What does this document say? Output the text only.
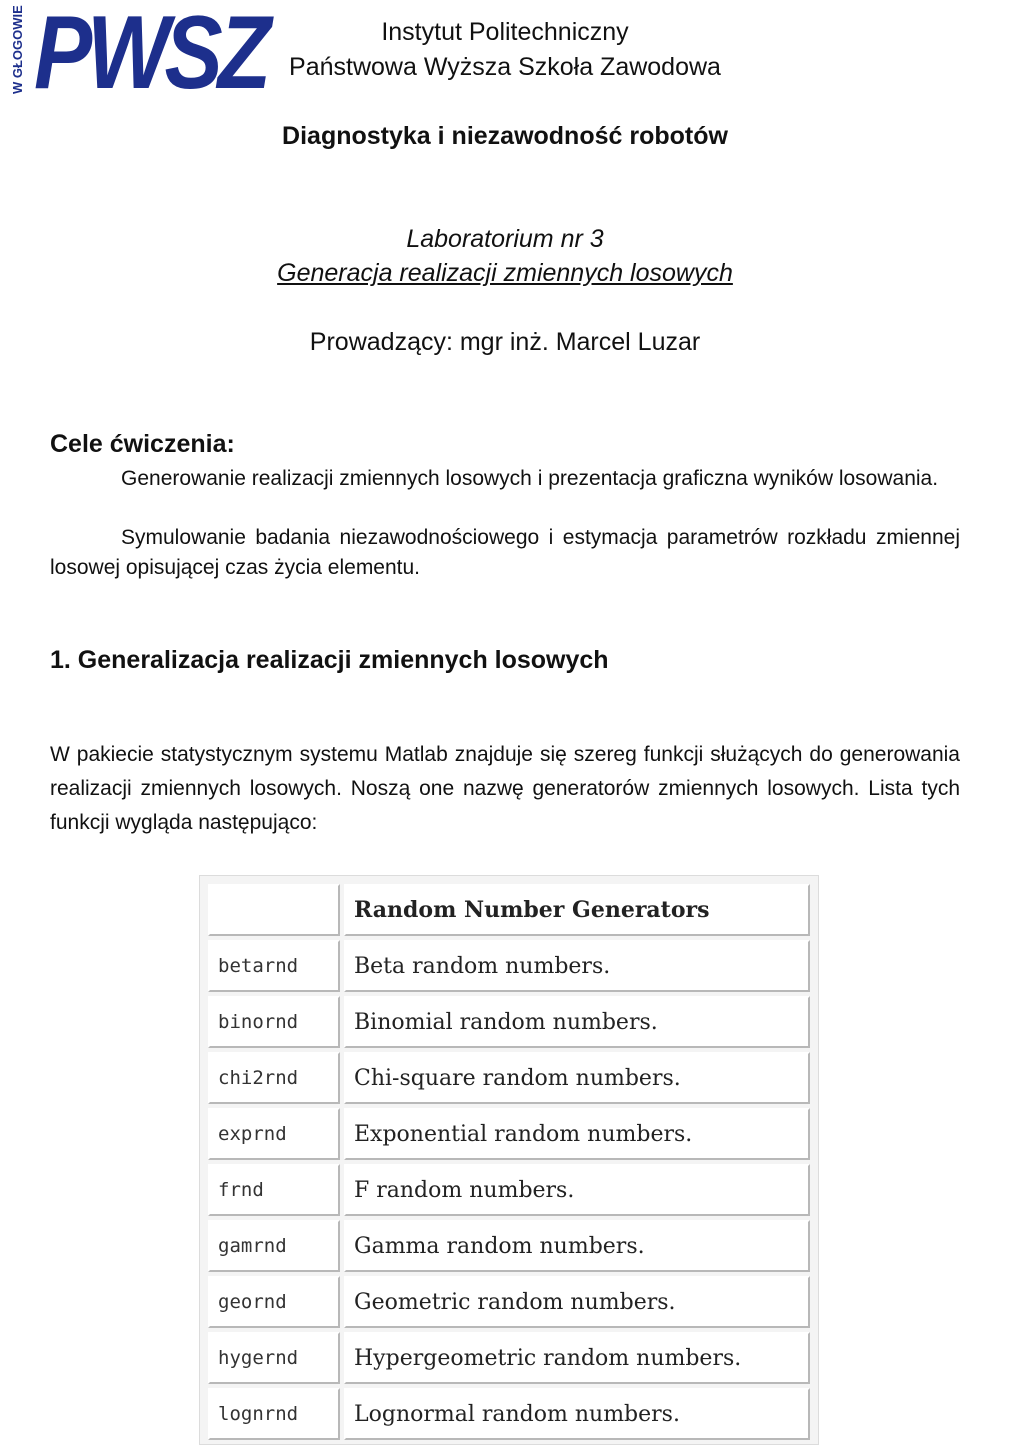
W GŁOGOWIE PWSZ	Instytut Politechniczny
Państwowa Wyższa Szkoła Zawodowa
Diagnostyka i niezawodność robotów
Laboratorium nr 3
Generacja realizacji zmiennych losowych
Prowadzący: mgr inż. Marcel Luzar
Cele ćwiczenia:
Generowanie realizacji zmiennych losowych i prezentacja graficzna wyników losowania.
Symulowanie badania niezawodnościowego i estymacja parametrów rozkładu zmiennej losowej opisującej czas życia elementu.
1. Generalizacja realizacji zmiennych losowych
W pakiecie statystycznym systemu Matlab znajduje się szereg funkcji służących do generowania realizacji zmiennych losowych. Noszą one nazwę generatorów zmiennych losowych. Lista tych funkcji wygląda następująco:
	Random Number Generators
betarnd	Beta random numbers.
binornd	Binomial random numbers.
chi2rnd	Chi-square random numbers.
exprnd	Exponential random numbers.
frnd	F random numbers.
gamrnd	Gamma random numbers.
geornd	Geometric random numbers.
hygernd	Hypergeometric random numbers.
lognrnd	Lognormal random numbers.
